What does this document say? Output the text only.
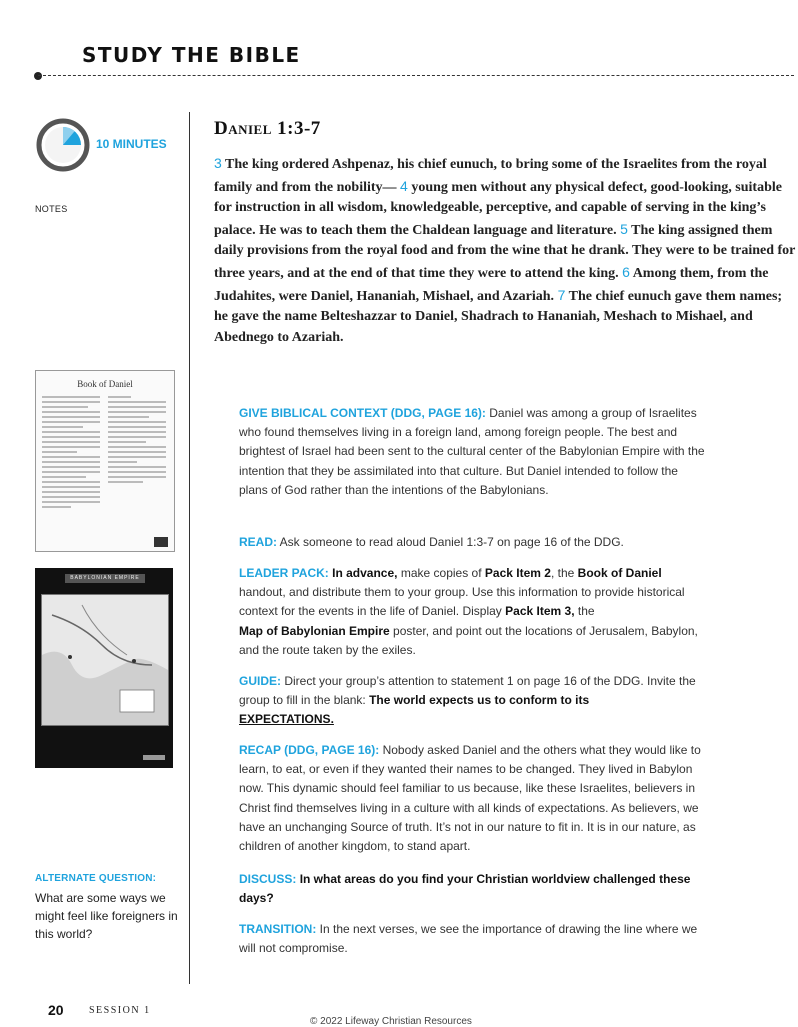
STUDY THE BIBLE
10 MINUTES
NOTES
Book of Daniel
BABYLONIAN EMPIRE
ALTERNATE QUESTION:
What are some ways we might feel like foreigners in this world?
Daniel 1:3-7
3 The king ordered Ashpenaz, his chief eunuch, to bring some of the Israelites from the royal family and from the nobility— 4 young men without any physical defect, good-looking, suitable for instruction in all wisdom, knowledgeable, perceptive, and capable of serving in the king’s palace. He was to teach them the Chaldean language and literature. 5 The king assigned them daily provisions from the royal food and from the wine that he drank. They were to be trained for three years, and at the end of that time they were to attend the king. 6 Among them, from the Judahites, were Daniel, Hananiah, Mishael, and Azariah. 7 The chief eunuch gave them names; he gave the name Belteshazzar to Daniel, Shadrach to Hananiah, Meshach to Mishael, and Abednego to Azariah.

GIVE BIBLICAL CONTEXT (DDG, PAGE 16): Daniel was among a group of Israelites who found themselves living in a foreign land, among foreign people. The best and brightest of Israel had been sent to the cultural center of the Babylonian Empire with the intention that they be assimilated into that culture. But Daniel intended to follow the plans of God rather than the intentions of the Babylonians.

READ: Ask someone to read aloud Daniel 1:3-7 on page 16 of the DDG.

LEADER PACK: In advance, make copies of Pack Item 2, the Book of Daniel handout, and distribute them to your group. Use this information to provide historical context for the events in the life of Daniel. Display Pack Item 3, the
Map of Babylonian Empire poster, and point out the locations of Jerusalem, Babylon, and the route taken by the exiles.

GUIDE: Direct your group’s attention to statement 1 on page 16 of the DDG. Invite the group to fill in the blank: The world expects us to conform to its
EXPECTATIONS.

RECAP (DDG, PAGE 16): Nobody asked Daniel and the others what they would like to learn, to eat, or even if they wanted their names to be changed. They lived in Babylon now. This dynamic should feel familiar to us because, like these Israelites, believers in Christ find themselves living in a culture with all kinds of expectations. As believers, we have an unchanging Source of truth. It’s not in our nature to fit in. It is in our nature, as children of another kingdom, to stand apart.

DISCUSS: In what areas do you find your Christian worldview challenged these days?

TRANSITION: In the next verses, we see the importance of drawing the line where we will not compromise.

20	SESSION 1
© 2022 Lifeway Christian Resources
